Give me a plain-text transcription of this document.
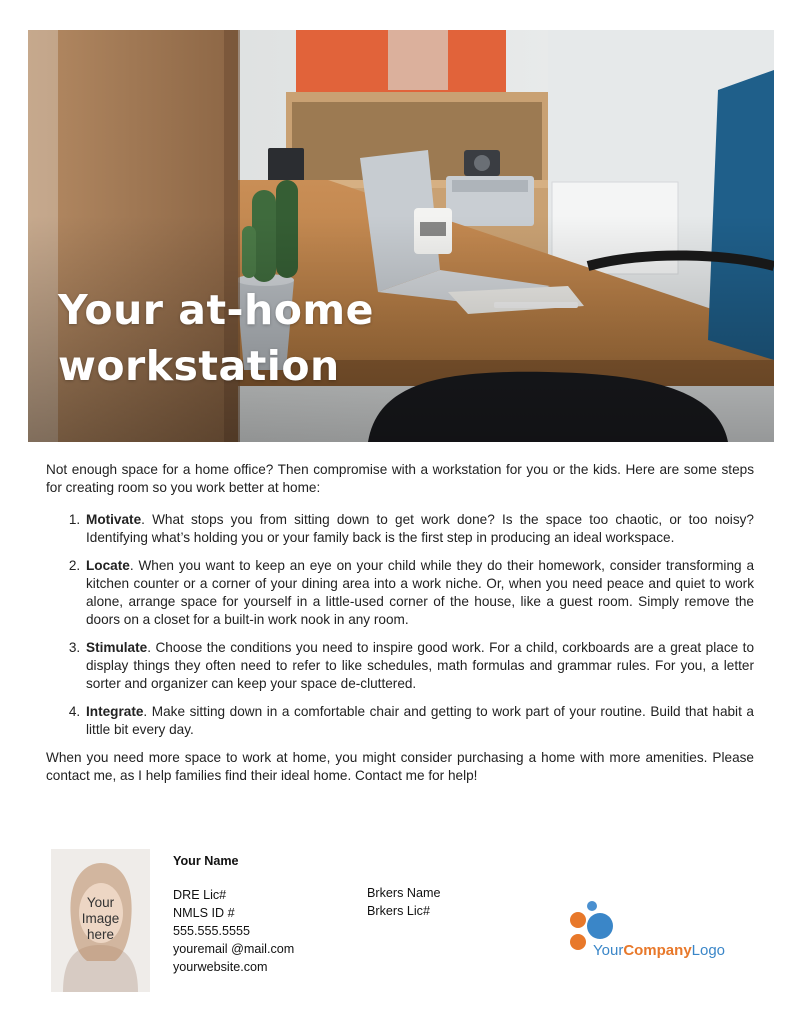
Your at-home
workstation

Not enough space for a home office? Then compromise with a workstation for you or the kids. Here are some steps for creating room so you work better at home:

1. Motivate. What stops you from sitting down to get work done? Is the space too chaotic, or too noisy? Identifying what’s holding you or your family back is the first step in producing an ideal workspace.
2. Locate. When you want to keep an eye on your child while they do their homework, consider transforming a kitchen counter or a corner of your dining area into a work niche. Or, when you need peace and quiet to work alone, arrange space for yourself in a little-used corner of the house, like a guest room. Simply remove the doors on a closet for a built-in work nook in any room.
3. Stimulate. Choose the conditions you need to inspire good work. For a child, corkboards are a great place to display things they often need to refer to like schedules, math formulas and grammar rules. For you, a letter sorter and organizer can keep your space de-cluttered.
4. Integrate. Make sitting down in a comfortable chair and getting to work part of your routine. Build that habit a little bit every day.

When you need more space to work at home, you might consider purchasing a home with more amenities. Please contact me, as I help families find their ideal home. Contact me for help!

Your
Image
here
Your Name
DRE Lic#
NMLS ID #
555.555.5555
youremail @mail.com
yourwebsite.com
Brkers Name
Brkers Lic#
YourCompanyLogo
